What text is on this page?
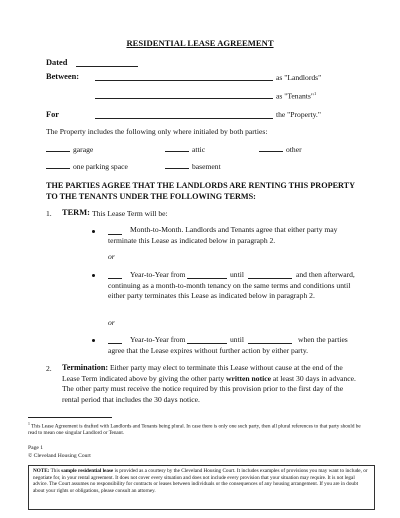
RESIDENTIAL LEASE AGREEMENT
Dated
Between:	as "Landlords"
as "Tenants"$^1$
For	the "Property."
The Property includes the following only where initialed by both parties:
garage	attic	other
one parking space	basement
THE PARTIES AGREE THAT THE LANDLORDS ARE RENTING THIS PROPERTY TO THE TENANTS UNDER THE FOLLOWING TERMS:
1. TERM: This Lease Term will be:
Month-to-Month. Landlords and Tenants agree that either party may terminate this Lease as indicated below in paragraph 2.
or
Year-to-Year from	until	and then afterward, continuing as a month-to-month tenancy on the same terms and conditions until either party terminates this Lease as indicated below in paragraph 2.
or
Year-to-Year from	until	when the parties agree that the Lease expires without further action by either party.
2. Termination: Either party may elect to terminate this Lease without cause at the end of the Lease Term indicated above by giving the other party written notice at least 30 days in advance. The other party must receive the notice required by this provision prior to the first day of the rental period that includes the 30 days notice.
$^1$ This Lease Agreement is drafted with Landlords and Tenants being plural. In case there is only one such party, then all plural references to that party should be read to mean one singular Landlord or Tenant.
Page 1
© Cleveland Housing Court
NOTE: This sample residential lease is provided as a courtesy by the Cleveland Housing Court. It includes examples of provisions you may want to include, or negotiate for, in your rental agreement. It does not cover every situation and does not include every provision that your situation may require. It is not legal advice. The Court assumes no responsibility for contracts or leases between individuals or the consequences of any housing arrangement. If you are in doubt about your rights or obligations, please consult an attorney.
